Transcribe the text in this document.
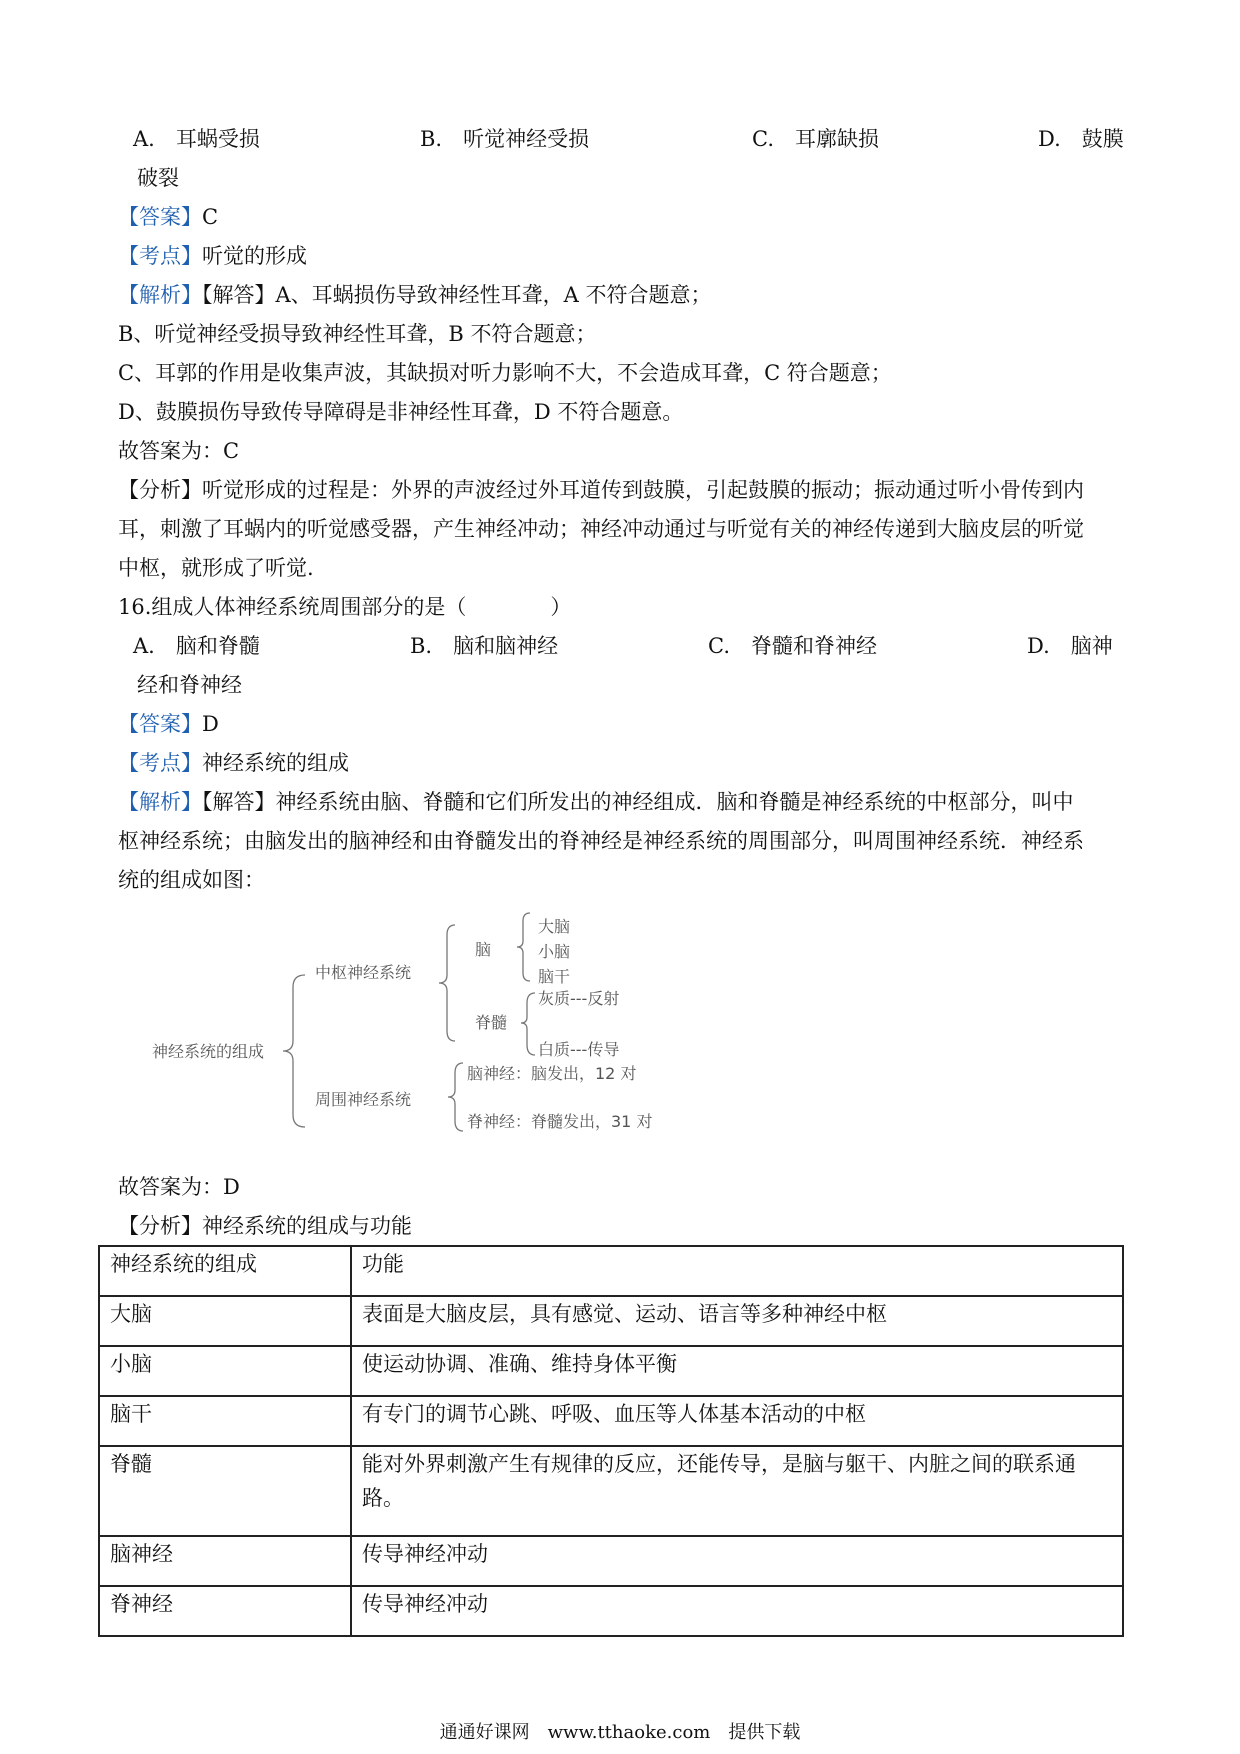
A.　耳蜗受损	B.　听觉神经受损	C.　耳廓缺损	D.　鼓膜
破裂
【答案】C
【考点】听觉的形成
【解析】【解答】A、耳蜗损伤导致神经性耳聋，A 不符合题意；
B、听觉神经受损导致神经性耳聋，B 不符合题意；
C、耳郭的作用是收集声波，其缺损对听力影响不大，不会造成耳聋，C 符合题意；
D、鼓膜损伤导致传导障碍是非神经性耳聋，D 不符合题意。
故答案为：C
【分析】听觉形成的过程是：外界的声波经过外耳道传到鼓膜，引起鼓膜的振动；振动通过听小骨传到内
耳，刺激了耳蜗内的听觉感受器，产生神经冲动；神经冲动通过与听觉有关的神经传递到大脑皮层的听觉
中枢，就形成了听觉.
16.组成人体神经系统周围部分的是（　　　　）
A.　脑和脊髓	B.　脑和脑神经	C.　脊髓和脊神经	D.　脑神
经和脊神经
【答案】D
【考点】神经系统的组成
【解析】【解答】神经系统由脑、脊髓和它们所发出的神经组成．脑和脊髓是神经系统的中枢部分，叫中
枢神经系统；由脑发出的脑神经和由脊髓发出的脊神经是神经系统的周围部分，叫周围神经系统．神经系
统的组成如图：
神经系统的组成
中枢神经系统
周围神经系统
脑
脊髓
大脑
小脑
脑干
灰质---反射
白质---传导
脑神经：脑发出，12 对
脊神经：脊髓发出，31 对
故答案为：D
【分析】神经系统的组成与功能
神经系统的组成	功能
大脑	表面是大脑皮层，具有感觉、运动、语言等多种神经中枢
小脑	使运动协调、准确、维持身体平衡
脑干	有专门的调节心跳、呼吸、血压等人体基本活动的中枢
脊髓	能对外界刺激产生有规律的反应，还能传导，是脑与躯干、内脏之间的联系通路。
脑神经	传导神经冲动
脊神经	传导神经冲动
通通好课网　www.tthaoke.com　提供下载
